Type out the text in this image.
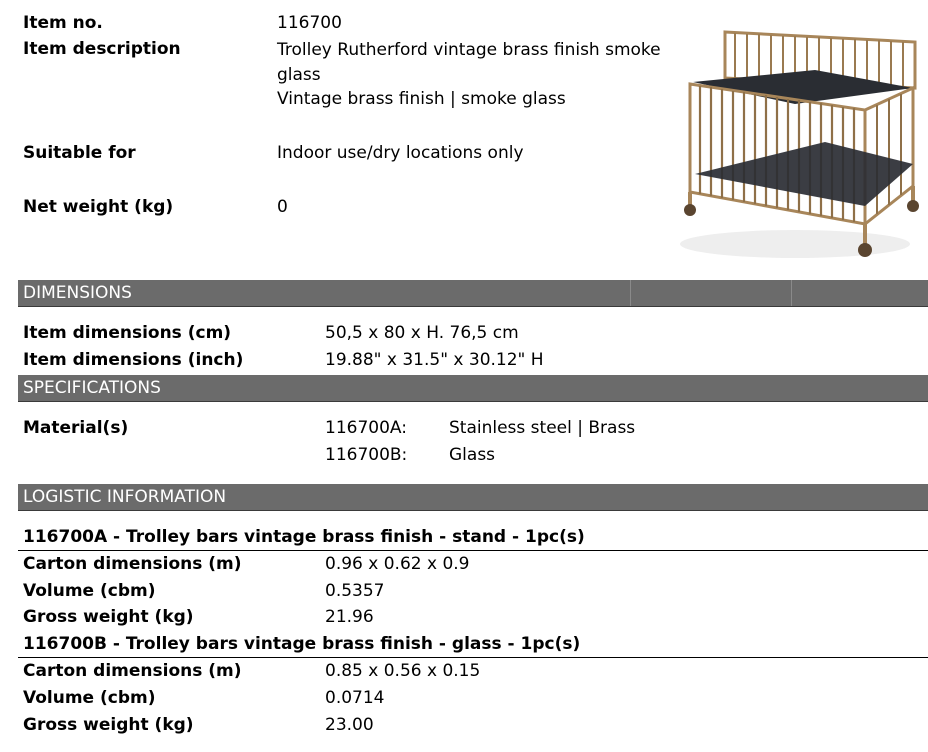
Item no.	116700
Item description	Trolley Rutherford vintage brass finish smoke
glass
Vintage brass finish | smoke glass
Suitable for	Indoor use/dry locations only
Net weight (kg)	0
DIMENSIONS
Item dimensions (cm)	50,5 x 80 x H. 76,5 cm
Item dimensions (inch)	19.88" x 31.5" x 30.12" H
SPECIFICATIONS
Material(s)	116700A: Stainless steel | Brass
116700B: Glass
LOGISTIC INFORMATION
116700A - Trolley bars vintage brass finish - stand - 1pc(s)
Carton dimensions (m)	0.96 x 0.62 x 0.9
Volume (cbm)	0.5357
Gross weight (kg)	21.96
116700B - Trolley bars vintage brass finish - glass - 1pc(s)
Carton dimensions (m)	0.85 x 0.56 x 0.15
Volume (cbm)	0.0714
Gross weight (kg)	23.00
